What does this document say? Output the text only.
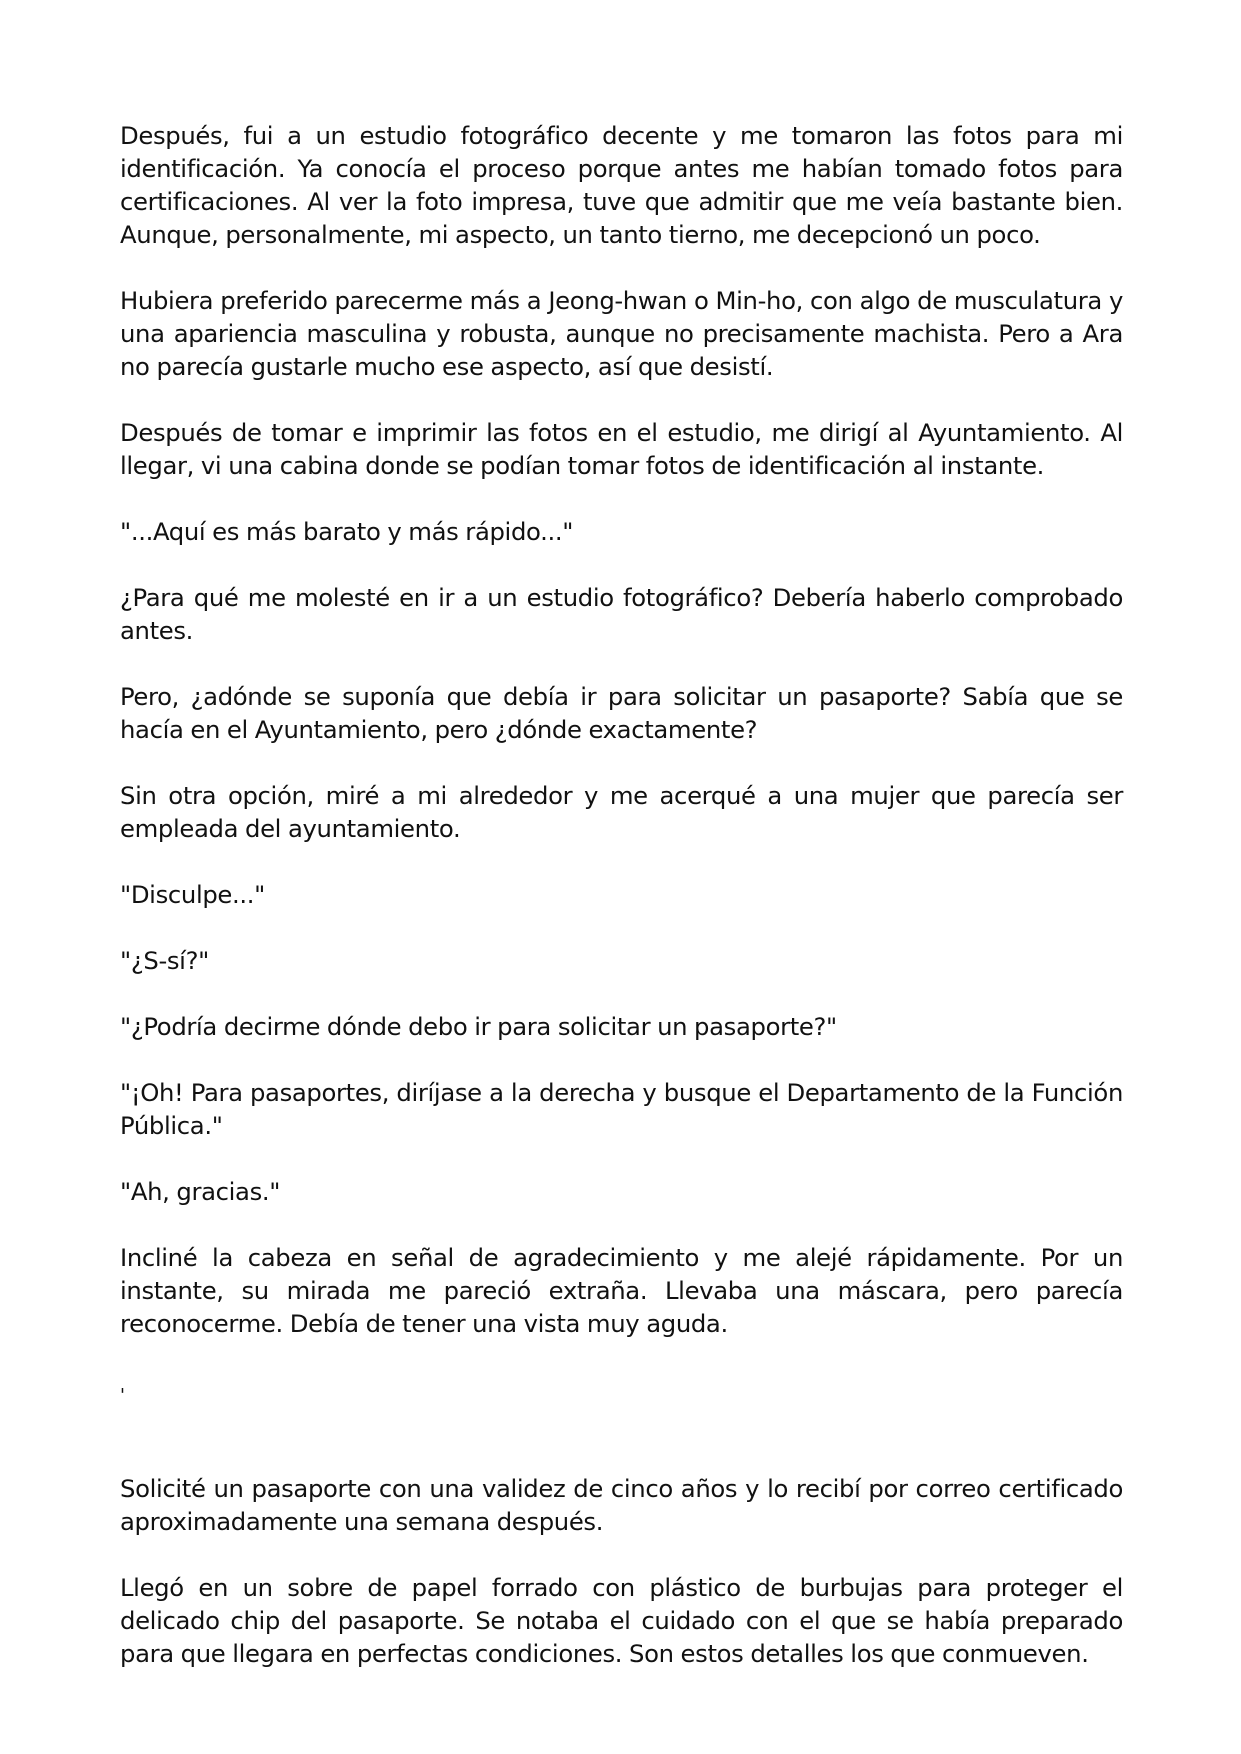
Después, fui a un estudio fotográfico decente y me tomaron las fotos para mi identificación. Ya conocía el proceso porque antes me habían tomado fotos para certificaciones. Al ver la foto impresa, tuve que admitir que me veía bastante bien. Aunque, personalmente, mi aspecto, un tanto tierno, me decepcionó un poco.

Hubiera preferido parecerme más a Jeong-hwan o Min-ho, con algo de musculatura y una apariencia masculina y robusta, aunque no precisamente machista. Pero a Ara no parecía gustarle mucho ese aspecto, así que desistí.

Después de tomar e imprimir las fotos en el estudio, me dirigí al Ayuntamiento. Al llegar, vi una cabina donde se podían tomar fotos de identificación al instante.

"...Aquí es más barato y más rápido..."

¿Para qué me molesté en ir a un estudio fotográfico? Debería haberlo comprobado antes.

Pero, ¿adónde se suponía que debía ir para solicitar un pasaporte? Sabía que se hacía en el Ayuntamiento, pero ¿dónde exactamente?

Sin otra opción, miré a mi alrededor y me acerqué a una mujer que parecía ser empleada del ayuntamiento.

"Disculpe..."

"¿S-sí?"

"¿Podría decirme dónde debo ir para solicitar un pasaporte?"

"¡Oh! Para pasaportes, diríjase a la derecha y busque el Departamento de la Función Pública."

"Ah, gracias."

Incliné la cabeza en señal de agradecimiento y me alejé rápidamente. Por un instante, su mirada me pareció extraña. Llevaba una máscara, pero parecía reconocerme. Debía de tener una vista muy aguda.

'

Solicité un pasaporte con una validez de cinco años y lo recibí por correo certificado aproximadamente una semana después.

Llegó en un sobre de papel forrado con plástico de burbujas para proteger el delicado chip del pasaporte. Se notaba el cuidado con el que se había preparado para que llegara en perfectas condiciones. Son estos detalles los que conmueven.
